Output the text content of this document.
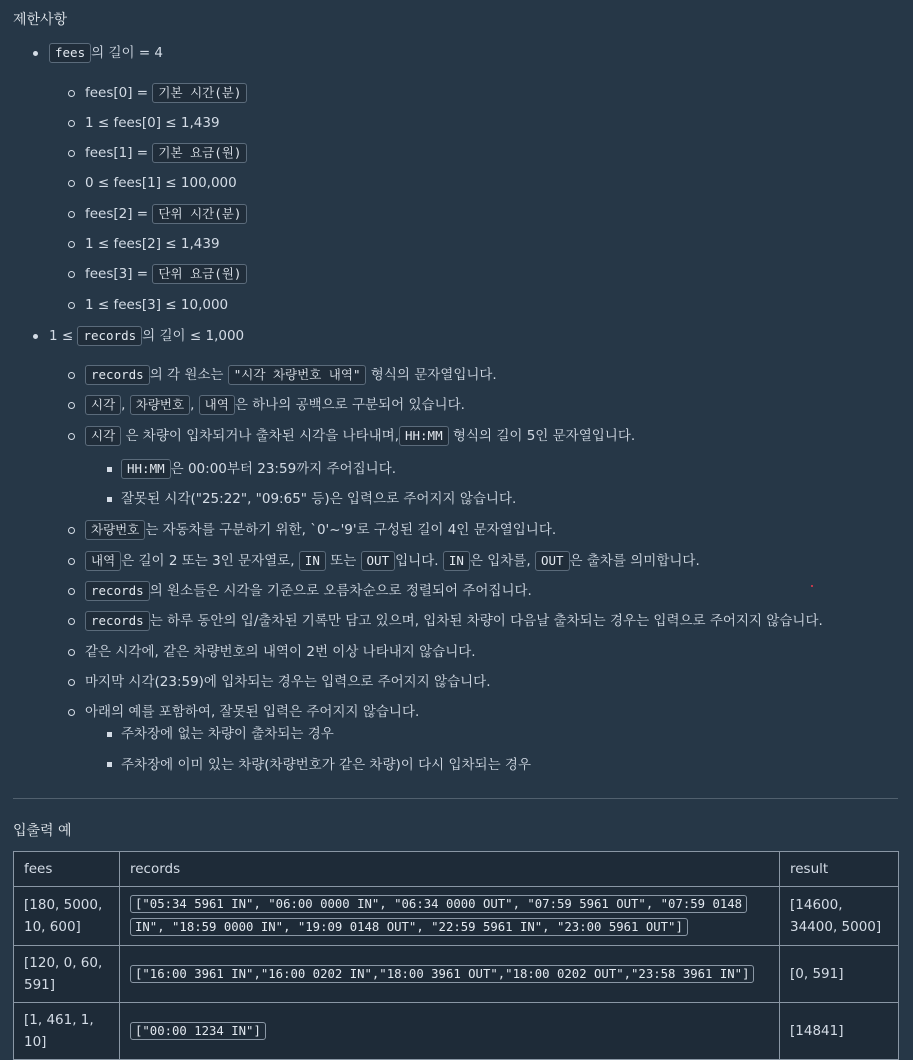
제한사항
fees 의 길이 = 4
fees[0] = 기본 시간(분)
1 ≤ fees[0] ≤ 1,439
fees[1] = 기본 요금(원)
0 ≤ fees[1] ≤ 100,000
fees[2] = 단위 시간(분)
1 ≤ fees[2] ≤ 1,439
fees[3] = 단위 요금(원)
1 ≤ fees[3] ≤ 10,000
1 ≤ records 의 길이 ≤ 1,000
records 의 각 원소는 "시각 차량번호 내역" 형식의 문자열입니다.
시각 , 차량번호 , 내역 은 하나의 공백으로 구분되어 있습니다.
시각 은 차량이 입차되거나 출차된 시각을 나타내며, HH:MM 형식의 길이 5인 문자열입니다.
HH:MM 은 00:00부터 23:59까지 주어집니다.
잘못된 시각("25:22", "09:65" 등)은 입력으로 주어지지 않습니다.
차량번호 는 자동차를 구분하기 위한, `0'~'9'로 구성된 길이 4인 문자열입니다.
내역 은 길이 2 또는 3인 문자열로, IN 또는 OUT 입니다. IN 은 입차를, OUT 은 출차를 의미합니다.
records 의 원소들은 시각을 기준으로 오름차순으로 정렬되어 주어집니다.
records 는 하루 동안의 입/출차된 기록만 담고 있으며, 입차된 차량이 다음날 출차되는 경우는 입력으로 주어지지 않습니다.
같은 시각에, 같은 차량번호의 내역이 2번 이상 나타내지 않습니다.
마지막 시각(23:59)에 입차되는 경우는 입력으로 주어지지 않습니다.
아래의 예를 포함하여, 잘못된 입력은 주어지지 않습니다.
주차장에 없는 차량이 출차되는 경우
주차장에 이미 있는 차량(차량번호가 같은 차량)이 다시 입차되는 경우
입출력 예
fees	records	result
[180, 5000, 10, 600]	["05:34 5961 IN", "06:00 0000 IN", "06:34 0000 OUT", "07:59 5961 OUT", "07:59 0148 IN", "18:59 0000 IN", "19:09 0148 OUT", "22:59 5961 IN", "23:00 5961 OUT"]	[14600, 34400, 5000]
[120, 0, 60, 591]	["16:00 3961 IN","16:00 0202 IN","18:00 3961 OUT","18:00 0202 OUT","23:58 3961 IN"]	[0, 591]
[1, 461, 1, 10]	["00:00 1234 IN"]	[14841]
